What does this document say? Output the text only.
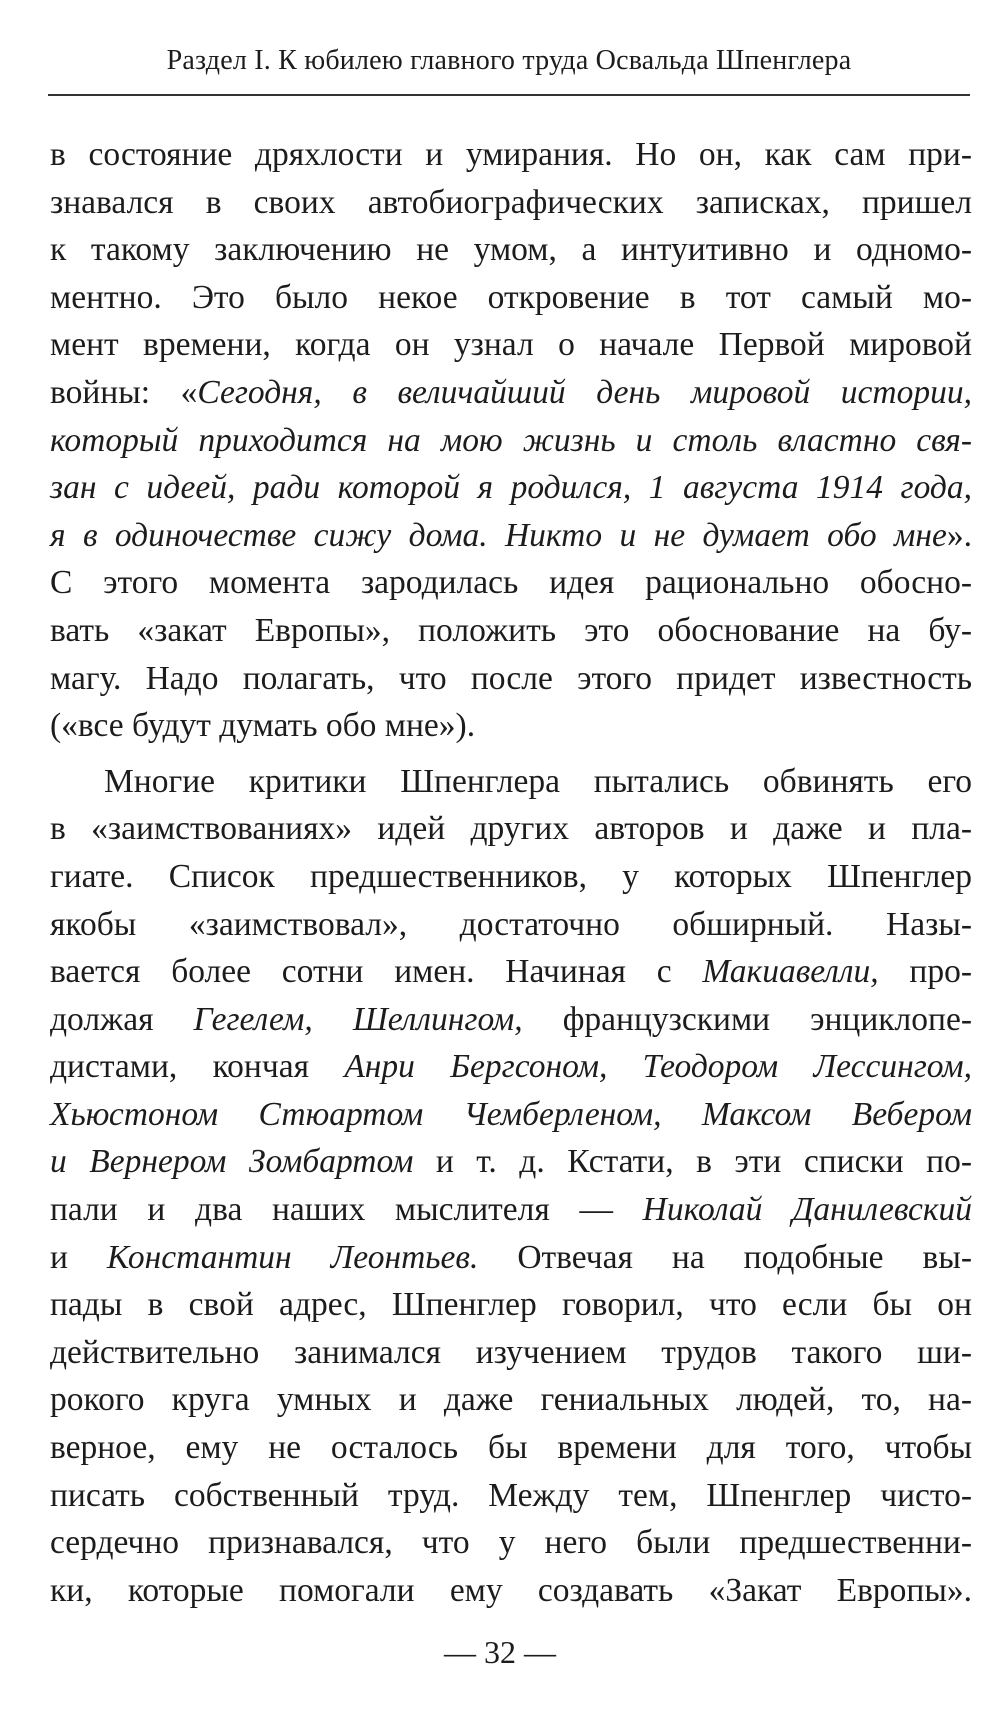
Раздел I. К юбилею главного труда Освальда Шпенглера
в состояние дряхлости и умирания. Но он, как сам при-
знавался в своих автобиографических записках, пришел
к такому заключению не умом, а интуитивно и одномо-
ментно. Это было некое откровение в тот самый мо-
мент времени, когда он узнал о начале Первой мировой
войны: «Сегодня, в величайший день мировой истории,
который приходится на мою жизнь и столь властно свя-
зан с идеей, ради которой я родился, 1 августа 1914 года,
я в одиночестве сижу дома. Никто и не думает обо мне».
С этого момента зародилась идея рационально обосно-
вать «закат Европы», положить это обоснование на бу-
магу. Надо полагать, что после этого придет известность
(«все будут думать обо мне»).
Многие критики Шпенглера пытались обвинять его
в «заимствованиях» идей других авторов и даже и пла-
гиате. Список предшественников, у которых Шпенглер
якобы «заимствовал», достаточно обширный. Назы-
вается более сотни имен. Начиная с Макиавелли, про-
должая Гегелем, Шеллингом, французскими энциклопе-
дистами, кончая Анри Бергсоном, Теодором Лессингом,
Хьюстоном Стюартом Чемберленом, Максом Вебером
и Вернером Зомбартом и т. д. Кстати, в эти списки по-
пали и два наших мыслителя — Николай Данилевский
и Константин Леонтьев. Отвечая на подобные вы-
пады в свой адрес, Шпенглер говорил, что если бы он
действительно занимался изучением трудов такого ши-
рокого круга умных и даже гениальных людей, то, на-
верное, ему не осталось бы времени для того, чтобы
писать собственный труд. Между тем, Шпенглер чисто-
сердечно признавался, что у него были предшественни-
ки, которые помогали ему создавать «Закат Европы».
— 32 —
